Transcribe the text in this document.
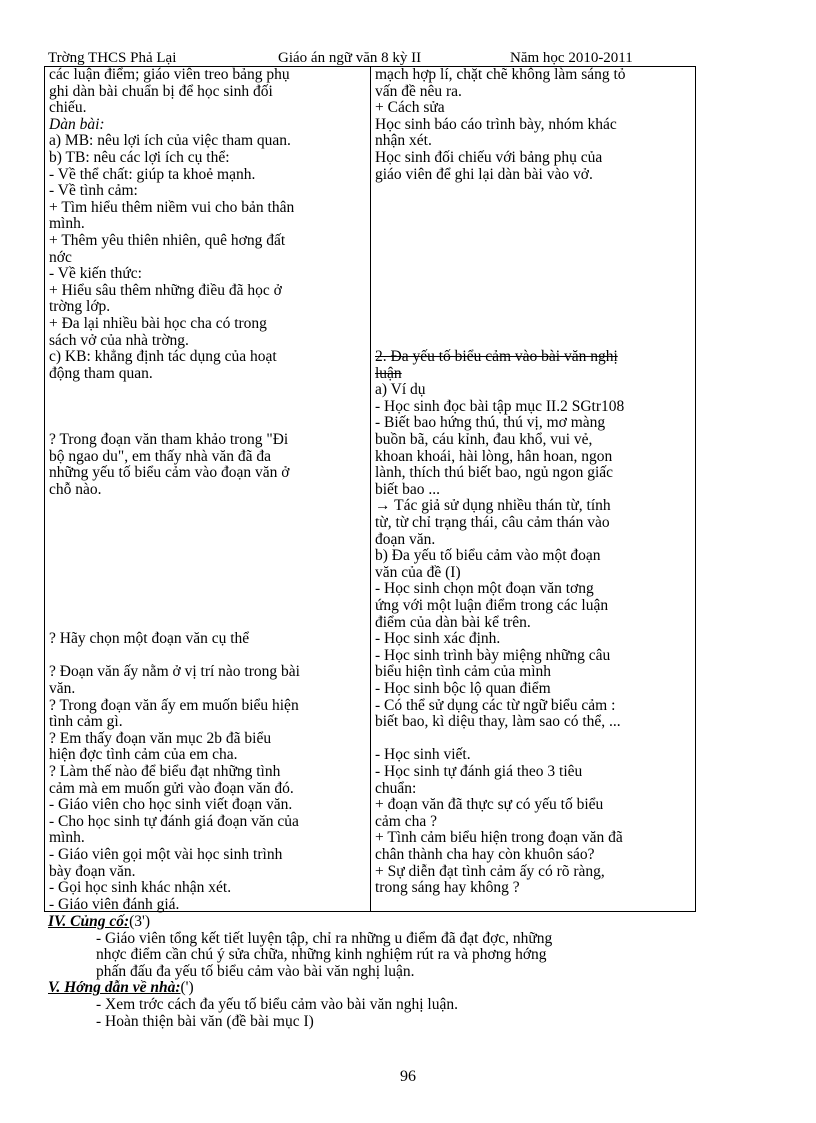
Trờng THCS Phả Lại	Giáo án ngữ văn 8 kỳ II	Năm học 2010-2011
các luận điểm; giáo viên treo bảng phụ
ghi dàn bài chuẩn bị để học sinh đối
chiếu.
Dàn bài:
a) MB: nêu lợi ích của việc tham quan.
b) TB: nêu các lợi ích cụ thể:
- Về thể chất: giúp ta khoẻ mạnh.
- Về tình cảm:
+ Tìm hiểu thêm niềm vui cho bản thân
mình.
+ Thêm yêu thiên nhiên, quê hơng đất
nớc
- Về kiến thức:
+ Hiểu sâu thêm những điều đã học ở
trờng lớp.
+ Đa lại nhiều bài học cha có trong
sách vở của nhà trờng.
c) KB: khẳng định tác dụng của hoạt
động tham quan.
? Trong đoạn văn tham khảo trong "Đi
bộ ngao du", em thấy nhà văn đã đa
những yếu tố biểu cảm vào đoạn văn ở
chỗ nào.
? Hãy chọn một đoạn văn cụ thể
? Đoạn văn ấy nằm ở vị trí nào trong bài
văn.
? Trong đoạn văn ấy em muốn biểu hiện
tình cảm gì.
? Em thấy đoạn văn mục 2b đã biểu
hiện đợc tình cảm của em cha.
? Làm thế nào để biểu đạt những tình
cảm mà em muốn gửi vào đoạn văn đó.
- Giáo viên cho học sinh viết đoạn văn.
- Cho học sinh tự đánh giá đoạn văn của
mình.
- Giáo viên gọi một vài học sinh trình
bày đoạn văn.
- Gọi học sinh khác nhận xét.
- Giáo viên đánh giá.
mạch hợp lí, chặt chẽ không làm sáng tỏ
vấn đề nêu ra.
+ Cách sửa
Học sinh báo cáo trình bày, nhóm khác
nhận xét.
Học sinh đối chiếu với bảng phụ của
giáo viên để ghi lại dàn bài vào vở.
2. Đa yếu tố biểu cảm vào bài văn nghị
luận
a) Ví dụ
- Học sinh đọc bài tập mục II.2 SGtr108
- Biết bao hứng thú, thú vị, mơ màng
buồn bã, cáu kỉnh, đau khổ, vui vẻ,
khoan khoái, hài lòng, hân hoan, ngon
lành, thích thú biết bao, ngủ ngon giấc
biết bao ...
→ Tác giả sử dụng nhiều thán từ, tính
từ, từ chỉ trạng thái, câu cảm thán vào
đoạn văn.
b) Đa yếu tố biểu cảm vào một đoạn
văn của đề (I)
- Học sinh chọn một đoạn văn tơng
ứng với một luận điểm trong các luận
điểm của dàn bài kể trên.
- Học sinh xác định.
- Học sinh trình bày miệng những câu
biểu hiện tình cảm của mình
- Học sinh bộc lộ quan điểm
- Có thể sử dụng các từ ngữ biểu cảm :
biết bao, kì diệu thay, làm sao có thể, ...
- Học sinh viết.
- Học sinh tự đánh giá theo 3 tiêu
chuẩn:
+ đoạn văn đã thực sự có yếu tố biểu
cảm cha ?
+ Tình cảm biểu hiện trong đoạn văn đã
chân thành cha hay còn khuôn sáo?
+ Sự diễn đạt tình cảm ấy có rõ ràng,
trong sáng hay không ?
IV. Củng cố:(3')
- Giáo viên tổng kết tiết luyện tập, chỉ ra những u điểm đã đạt đợc, những
nhợc điểm cần chú ý sửa chữa, những kinh nghiệm rút ra và phơng hớng
phấn đấu đa yếu tố biểu cảm vào bài văn nghị luận.
V. Hớng dẫn về nhà:(')
- Xem trớc cách đa yếu tố biểu cảm vào bài văn nghị luận.
- Hoàn thiện bài văn (đề bài mục I)
96
